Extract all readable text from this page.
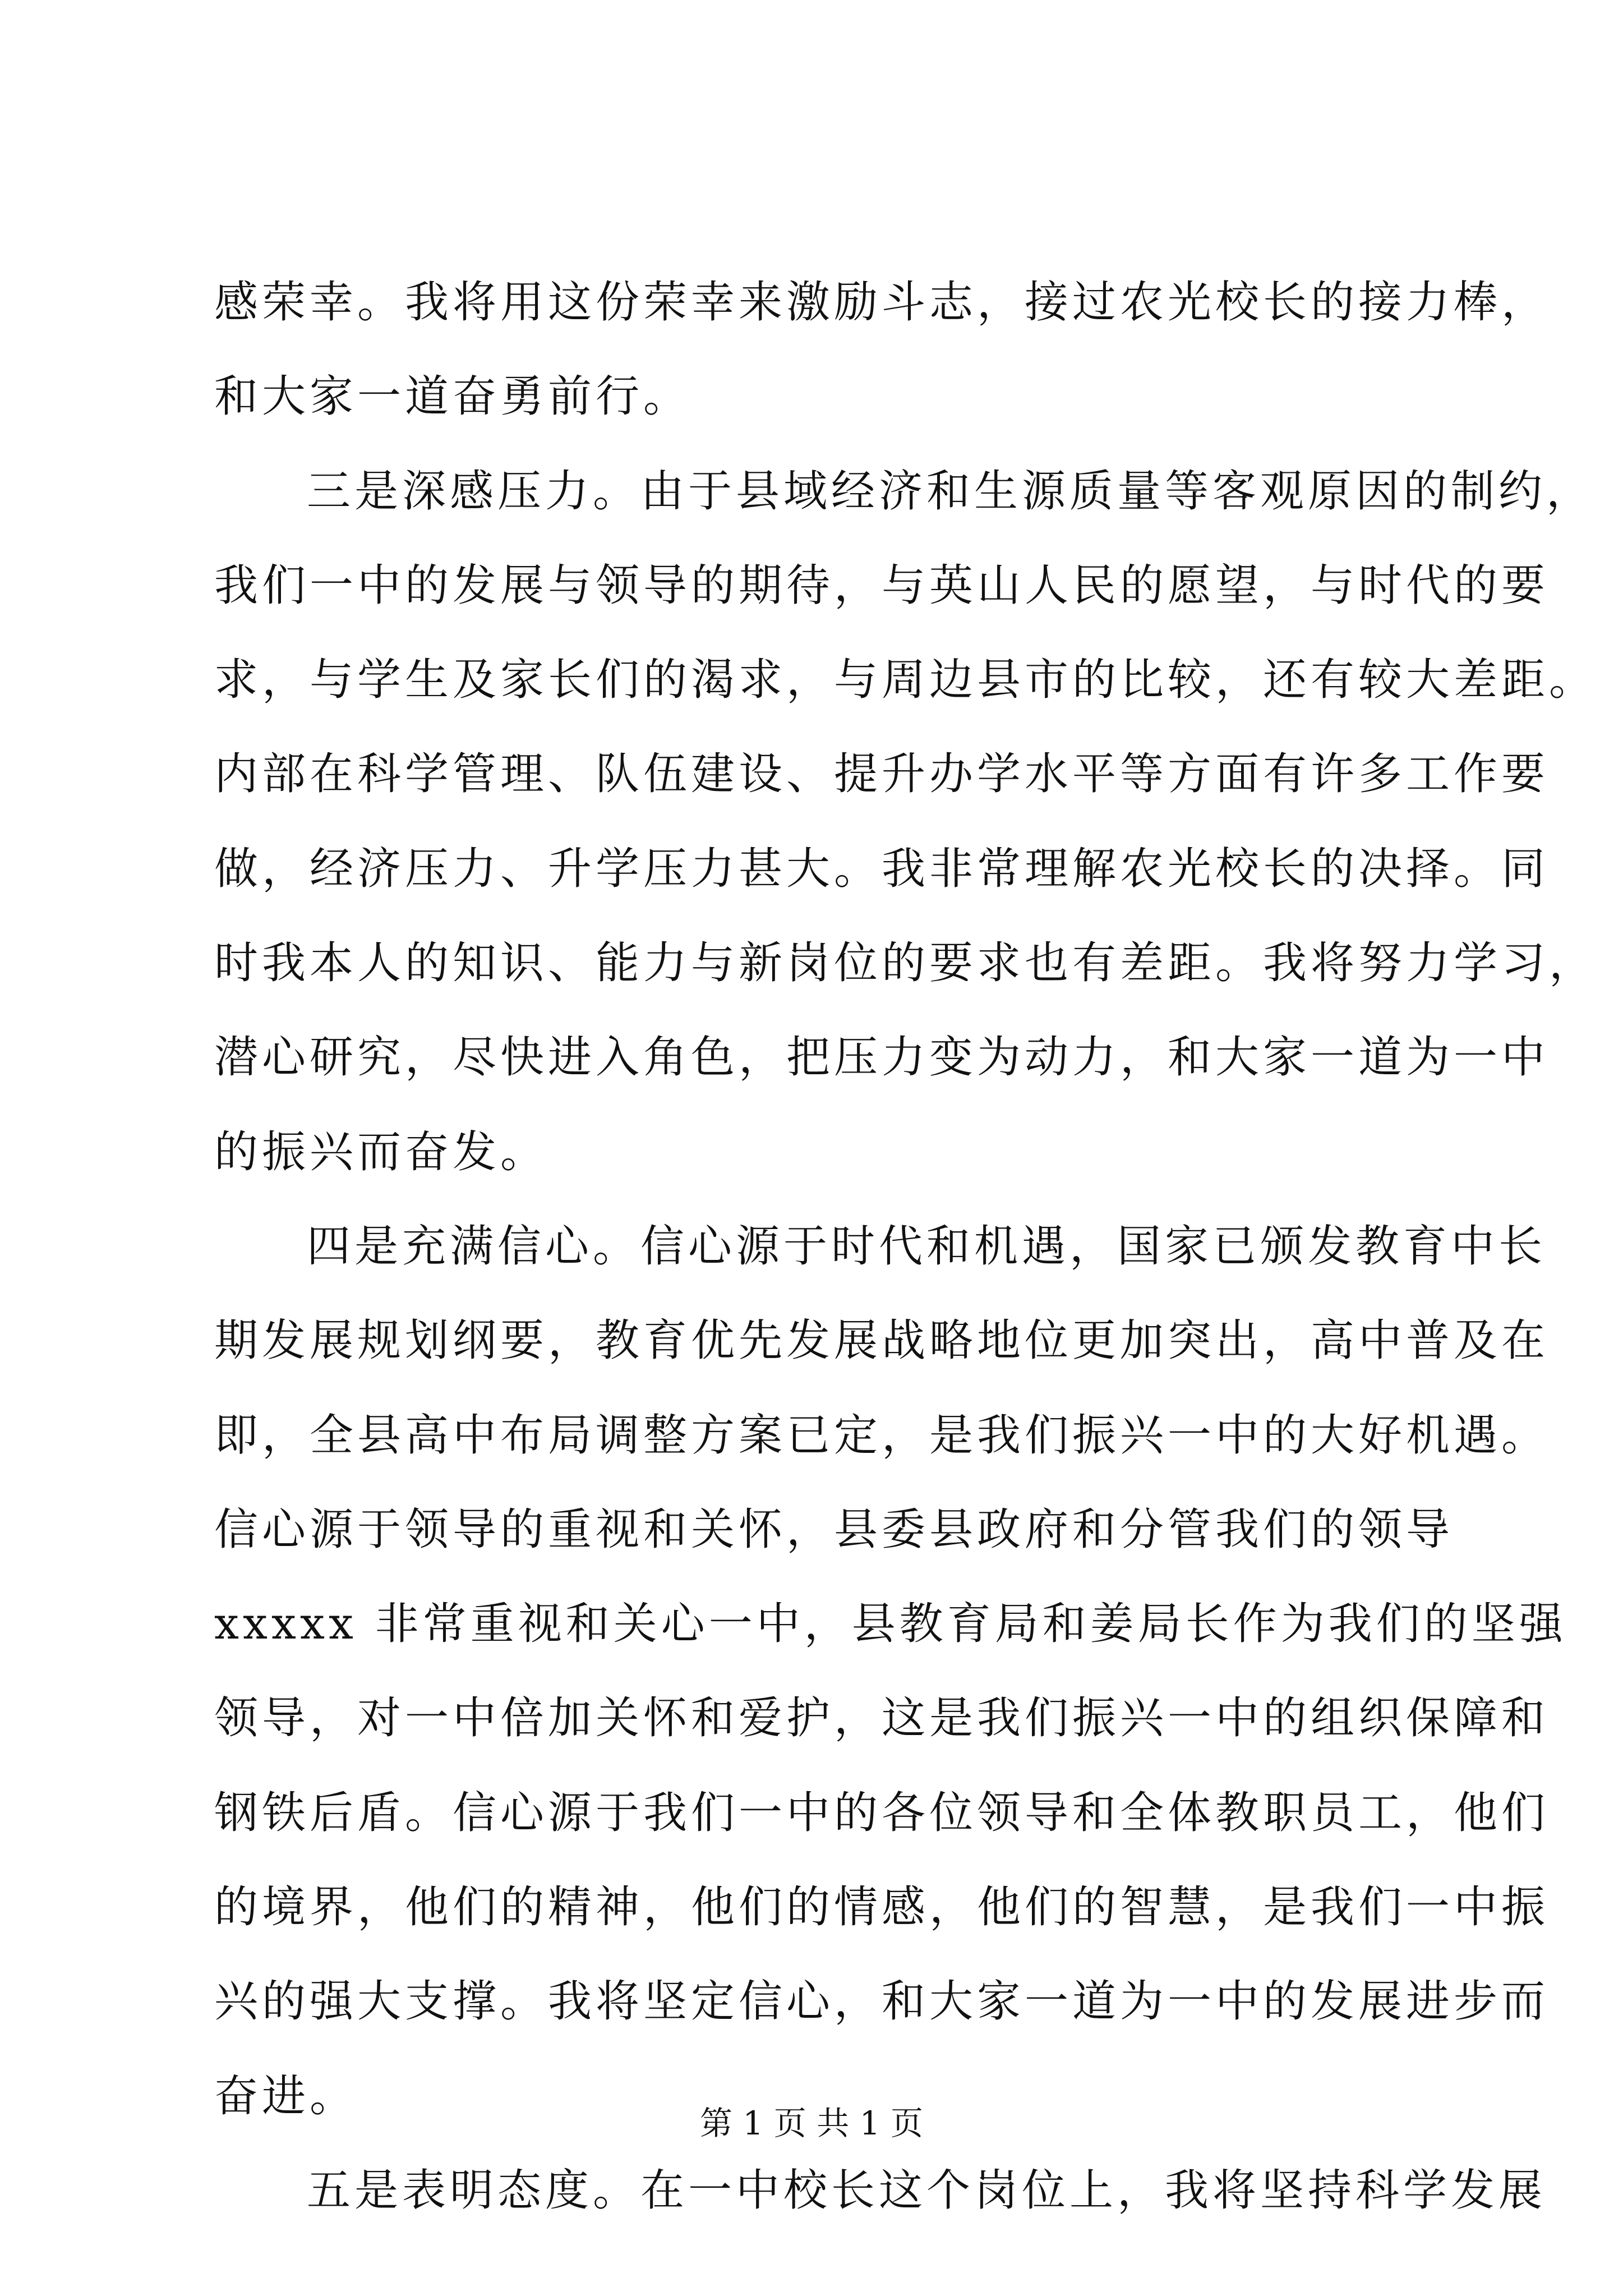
感荣幸。我将用这份荣幸来激励斗志，接过农光校长的接力棒，
和大家一道奋勇前行。
三是深感压力。由于县域经济和生源质量等客观原因的制约，
我们一中的发展与领导的期待，与英山人民的愿望，与时代的要
求，与学生及家长们的渴求，与周边县市的比较，还有较大差距。
内部在科学管理、队伍建设、提升办学水平等方面有许多工作要
做，经济压力、升学压力甚大。我非常理解农光校长的决择。同
时我本人的知识、能力与新岗位的要求也有差距。我将努力学习，
潜心研究，尽快进入角色，把压力变为动力，和大家一道为一中
的振兴而奋发。
四是充满信心。信心源于时代和机遇，国家已颁发教育中长
期发展规划纲要，教育优先发展战略地位更加突出，高中普及在
即，全县高中布局调整方案已定，是我们振兴一中的大好机遇。
信心源于领导的重视和关怀，县委县政府和分管我们的领导
xxxxx 非常重视和关心一中，县教育局和姜局长作为我们的坚强
领导，对一中倍加关怀和爱护，这是我们振兴一中的组织保障和
钢铁后盾。信心源于我们一中的各位领导和全体教职员工，他们
的境界，他们的精神，他们的情感，他们的智慧，是我们一中振
兴的强大支撑。我将坚定信心，和大家一道为一中的发展进步而
奋进。
五是表明态度。在一中校长这个岗位上，我将坚持科学发展
第 1 页 共 1 页
